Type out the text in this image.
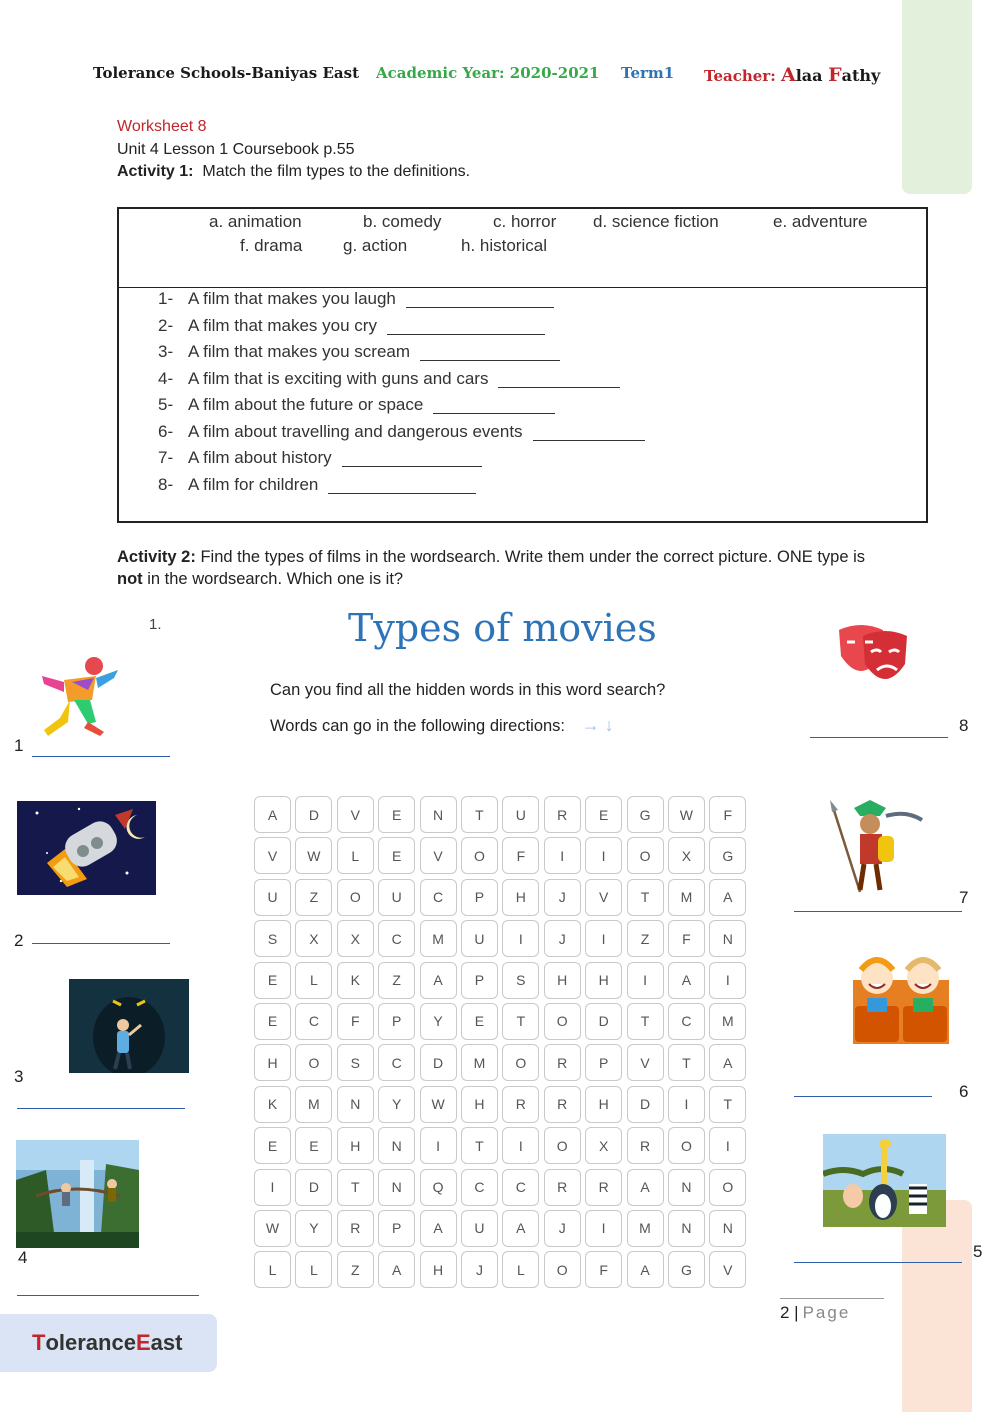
Tolerance Schools-Baniyas East Academic Year: 2020-2021 Term1 Teacher: Alaa Fathy
Worksheet 8
Unit 4 Lesson 1 Coursebook p.55
Activity 1: Match the film types to the definitions.
a. animation	b. comedy	c. horror d. science fiction	e. adventure
f. drama g. action	h. historical
1- A film that makes you laugh
2- A film that makes you cry
3- A film that makes you scream
4- A film that is exciting with guns and cars
5- A film about the future or space
6- A film about travelling and dangerous events
7- A film about history
8- A film for children
Activity 2: Find the types of films in the wordsearch. Write them under the correct picture. ONE type is not in the wordsearch. Which one is it?
1.	Types of movies
Can you find all the hidden words in this word search?
Words can go in the following directions: → ↓
A	D	V	E	N	T	U	R	E	G	W	F
V	W	L	E	V	O	F	I	I	O	X	G
U	Z	O	U	C	P	H	J	V	T	M	A
S	X	X	C	M	U	I	J	I	Z	F	N
E	L	K	Z	A	P	S	H	H	I	A	I
E	C	F	P	Y	E	T	O	D	T	C	M
H	O	S	C	D	M	O	R	P	V	T	A
K	M	N	Y	W	H	R	R	H	D	I	T
E	E	H	N	I	T	I	O	X	R	O	I
I	D	T	N	Q	C	C	R	R	A	N	O
W	Y	R	P	A	U	A	J	I	M	N	N
L	L	Z	A	H	J	L	O	F	A	G	V
1
2
3
4
8
7
6
5
2 | Page
T olerance E ast
